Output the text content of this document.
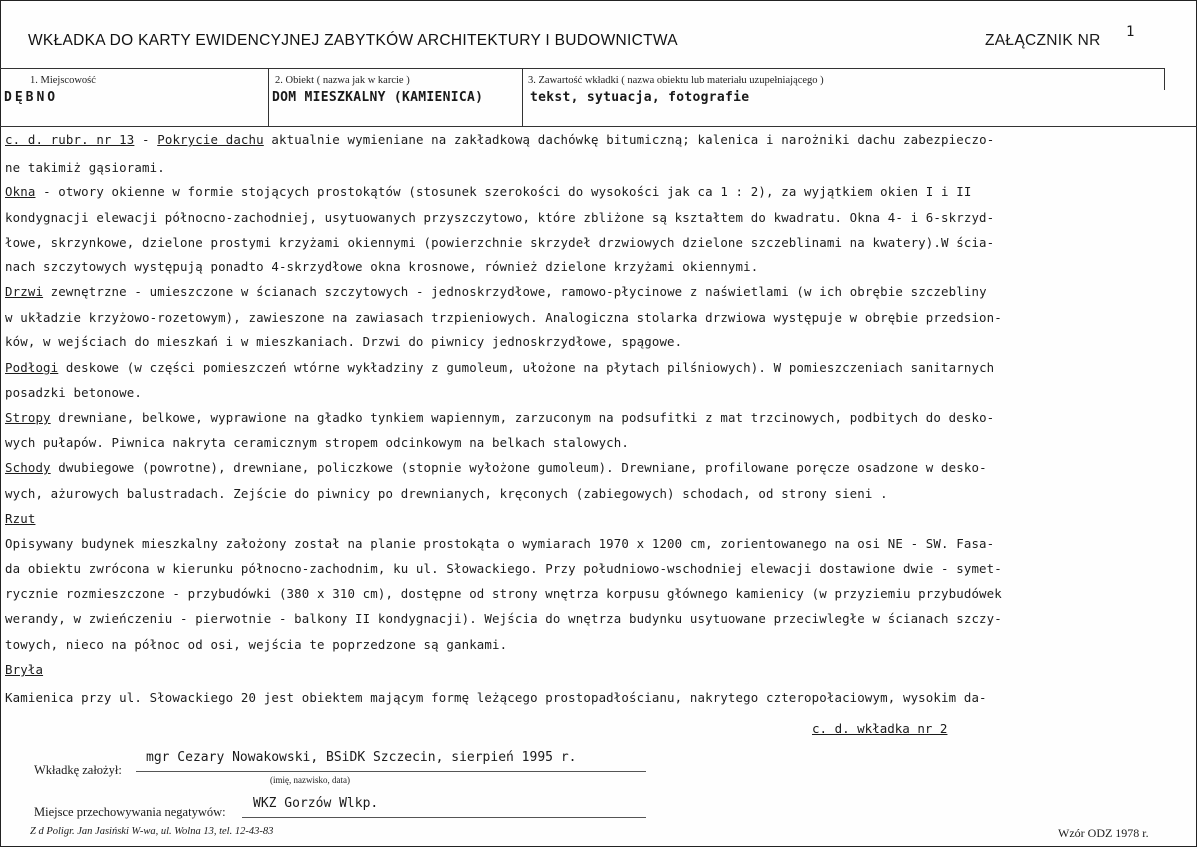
WKŁADKA DO KARTY EWIDENCYJNEJ ZABYTKÓW ARCHITEKTURY I BUDOWNICTWA	ZAŁĄCZNIK NR 1
1. Miejscowość
DĘBNO
2. Obiekt ( nazwa jak w karcie )
DOM MIESZKALNY (KAMIENICA)
3. Zawartość wkładki ( nazwa obiektu lub materiału uzupełniającego )
tekst, sytuacja, fotografie
c. d. rubr. nr 13 - Pokrycie dachu aktualnie wymieniane na zakładkową dachówkę bitumiczną; kalenica i narożniki dachu zabezpieczo-
ne takimiż gąsiorami.
Okna - otwory okienne w formie stojących prostokątów (stosunek szerokości do wysokości jak ca 1 : 2), za wyjątkiem okien I i II
kondygnacji elewacji północno-zachodniej, usytuowanych przyszczytowo, które zbliżone są kształtem do kwadratu. Okna 4- i 6-skrzyd-
łowe, skrzynkowe, dzielone prostymi krzyżami okiennymi (powierzchnie skrzydeł drzwiowych dzielone szczeblinami na kwatery).W ścia-
nach szczytowych występują ponadto 4-skrzydłowe okna krosnowe, również dzielone krzyżami okiennymi.
Drzwi zewnętrzne - umieszczone w ścianach szczytowych - jednoskrzydłowe, ramowo-płycinowe z naświetlami (w ich obrębie szczebliny
w układzie krzyżowo-rozetowym), zawieszone na zawiasach trzpieniowych. Analogiczna stolarka drzwiowa występuje w obrębie przedsion-
ków, w wejściach do mieszkań i w mieszkaniach. Drzwi do piwnicy jednoskrzydłowe, spągowe.
Podłogi deskowe (w części pomieszczeń wtórne wykładziny z gumoleum, ułożone na płytach pilśniowych). W pomieszczeniach sanitarnych
posadzki betonowe.
Stropy drewniane, belkowe, wyprawione na gładko tynkiem wapiennym, zarzuconym na podsufitki z mat trzcinowych, podbitych do desko-
wych pułapów. Piwnica nakryta ceramicznym stropem odcinkowym na belkach stalowych.
Schody dwubiegowe (powrotne), drewniane, policzkowe (stopnie wyłożone gumoleum). Drewniane, profilowane poręcze osadzone w desko-
wych, ażurowych balustradach. Zejście do piwnicy po drewnianych, kręconych (zabiegowych) schodach, od strony sieni .
Rzut
Opisywany budynek mieszkalny założony został na planie prostokąta o wymiarach 1970 x 1200 cm, zorientowanego na osi NE - SW. Fasa-
da obiektu zwrócona w kierunku północno-zachodnim, ku ul. Słowackiego. Przy południowo-wschodniej elewacji dostawione dwie - symet-
rycznie rozmieszczone - przybudówki (380 x 310 cm), dostępne od strony wnętrza korpusu głównego kamienicy (w przyziemiu przybudówek
werandy, w zwieńczeniu - pierwotnie - balkony II kondygnacji). Wejścia do wnętrza budynku usytuowane przeciwległe w ścianach szczy-
towych, nieco na północ od osi, wejścia te poprzedzone są gankami.
Bryła
Kamienica przy ul. Słowackiego 20 jest obiektem mającym formę leżącego prostopadłościanu, nakrytego czteropołaciowym, wysokim da-
c. d. wkładka nr 2
Wkładkę założył:
mgr Cezary Nowakowski, BSiDK Szczecin, sierpień 1995 r.
(imię, nazwisko, data)
Miejsce przechowywania negatywów:
WKZ Gorzów Wlkp.
Z d Poligr. Jan Jasiński W-wa, ul. Wolna 13, tel. 12-43-83	Wzór ODZ 1978 r.
